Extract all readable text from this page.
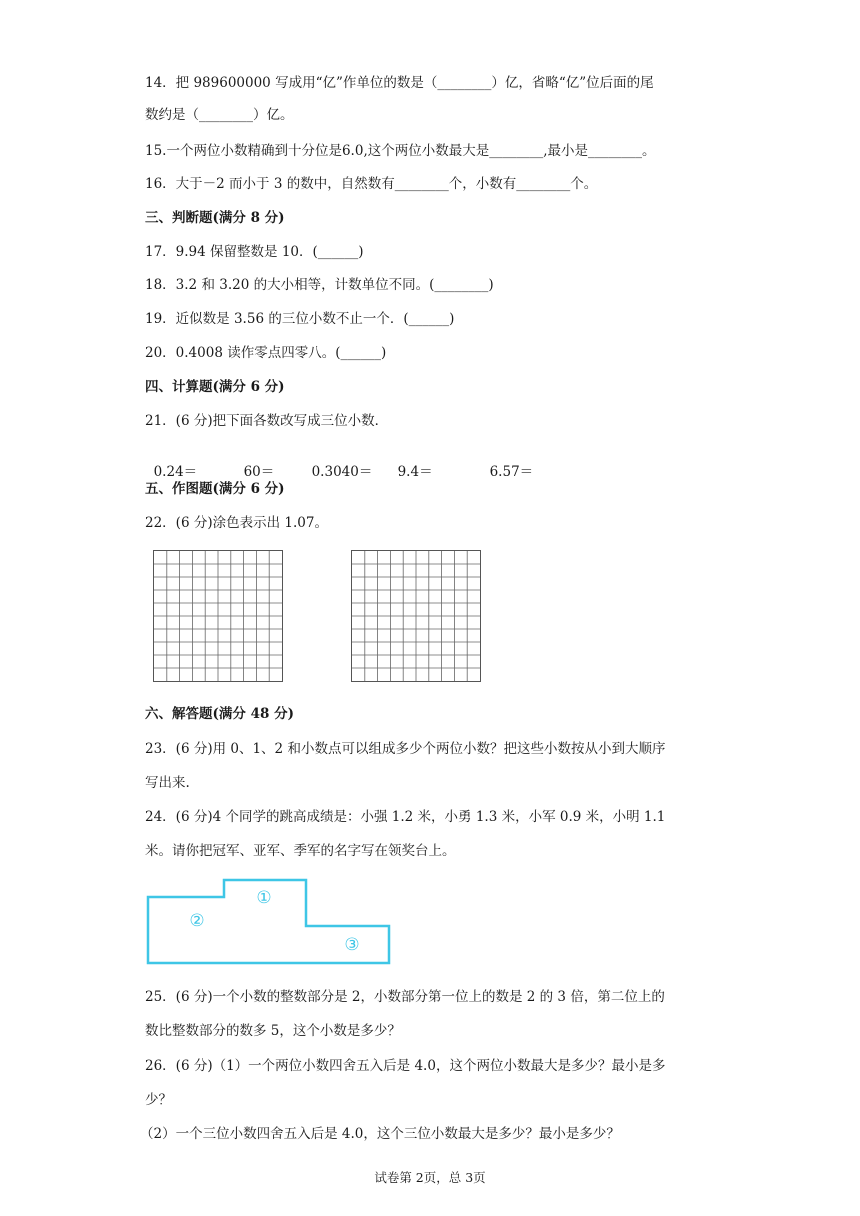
14．把 989600000 写成用“亿”作单位的数是（________）亿，省略“亿”位后面的尾
数约是（________）亿。
15.一个两位小数精确到十分位是6.0,这个两位小数最大是________,最小是________。
16．大于－2 而小于 3 的数中，自然数有________个，小数有________个。
三、判断题(满分 8 分)
17．9.94 保留整数是 10．(______)
18．3.2 和 3.20 的大小相等，计数单位不同。(________)
19．近似数是 3.56 的三位小数不止一个．(______)
20．0.4008 读作零点四零八。(______)
四、计算题(满分 6 分)
21．(6 分)把下面各数改写成三位小数．

0.24＝	60＝	0.3040＝ 9.4＝	6.57＝

五、作图题(满分 6 分)
22．(6 分)涂色表示出 1.07。
六、解答题(满分 48 分)
23．(6 分)用 0、1、2 和小数点可以组成多少个两位小数？把这些小数按从小到大顺序
写出来.
24．(6 分)4 个同学的跳高成绩是：小强 1.2 米，小勇 1.3 米，小军 0.9 米，小明 1.1
米。请你把冠军、亚军、季军的名字写在领奖台上。
①
②
③
25．(6 分)一个小数的整数部分是 2，小数部分第一位上的数是 2 的 3 倍，第二位上的
数比整数部分的数多 5，这个小数是多少？
26．(6 分)（1）一个两位小数四舍五入后是 4.0，这个两位小数最大是多少？最小是多
少？
（2）一个三位小数四舍五入后是 4.0，这个三位小数最大是多少？最小是多少？
试卷第 2页，总 3页
